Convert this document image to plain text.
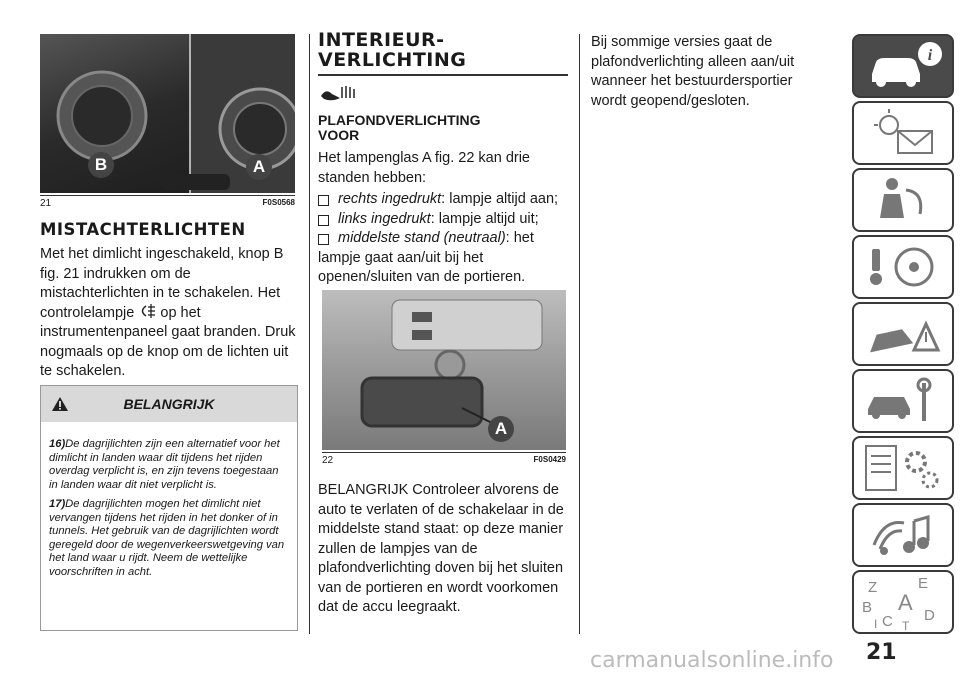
B	A
21	F0S0568
MISTACHTERLICHTEN
Met het dimlicht ingeschakeld, knop B fig. 21 indrukken om de mistachterlichten in te schakelen. Het controlelampje op het instrumentenpaneel gaat branden. Druk nogmaals op de knop om de lichten uit te schakelen.
BELANGRIJK

16)De dagrijlichten zijn een alternatief voor het dimlicht in landen waar dit tijdens het rijden overdag verplicht is, en zijn tevens toegestaan in landen waar dit niet verplicht is.

17)De dagrijlichten mogen het dimlicht niet vervangen tijdens het rijden in het donker of in tunnels. Het gebruik van de dagrijlichten wordt geregeld door de wegenverkeerswetgeving van het land waar u rijdt. Neem de wettelijke voorschriften in acht.

INTERIEUR-
VERLICHTING
PLAFONDVERLICHTING
VOOR
Het lampenglas A fig. 22 kan drie standen hebben:
rechts ingedrukt: lampje altijd aan;
links ingedrukt: lampje altijd uit;
middelste stand (neutraal): het
lampje gaat aan/uit bij het openen/sluiten van de portieren.
A
22	F0S0429
BELANGRIJK Controleer alvorens de auto te verlaten of de schakelaar in de middelste stand staat: op deze manier zullen de lampjes van de plafondverlichting doven bij het sluiten van de portieren en wordt voorkomen dat de accu leegraakt.
Bij sommige versies gaat de plafondverlichting alleen aan/uit wanneer het bestuurdersportier wordt geopend/gesloten.
i
Z	E
B A
C D
T
I
21
carmanualsonline.info
